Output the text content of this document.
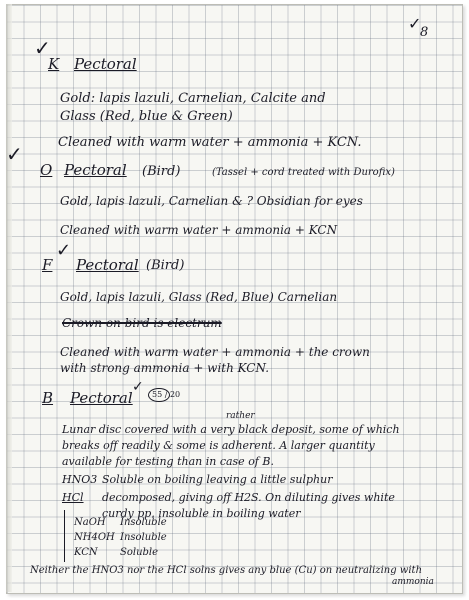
8
✓
✓
K Pectoral
Gold: lapis lazuli, Carnelian, Calcite and
Glass (Red, blue & Green)
Cleaned with warm water + ammonia + KCN.
✓
O Pectoral (Bird)	(Tassel + cord treated with Durofix)
Gold, lapis lazuli, Carnelian & ? Obsidian for eyes
Cleaned with warm water + ammonia + KCN
✓
F Pectoral (Bird)
Gold, lapis lazuli, Glass (Red, Blue) Carnelian
Crown on bird is electrum
Cleaned with warm water + ammonia + the crown
with strong ammonia + with KCN.
B Pectoral
✓	55 / 20
rather
Lunar disc covered with a very black deposit, some of which
breaks off readily & some is adherent. A larger quantity
available for testing than in case of B.
HNO3 Soluble on boiling leaving a little sulphur
HCl decomposed, giving off H2S. On diluting gives white
curdy pp. insoluble in boiling water
NaOH Insoluble
NH4OH Insoluble
KCN Soluble
Neither the HNO3 nor the HCl solns gives any blue (Cu) on neutralizing with
ammonia
